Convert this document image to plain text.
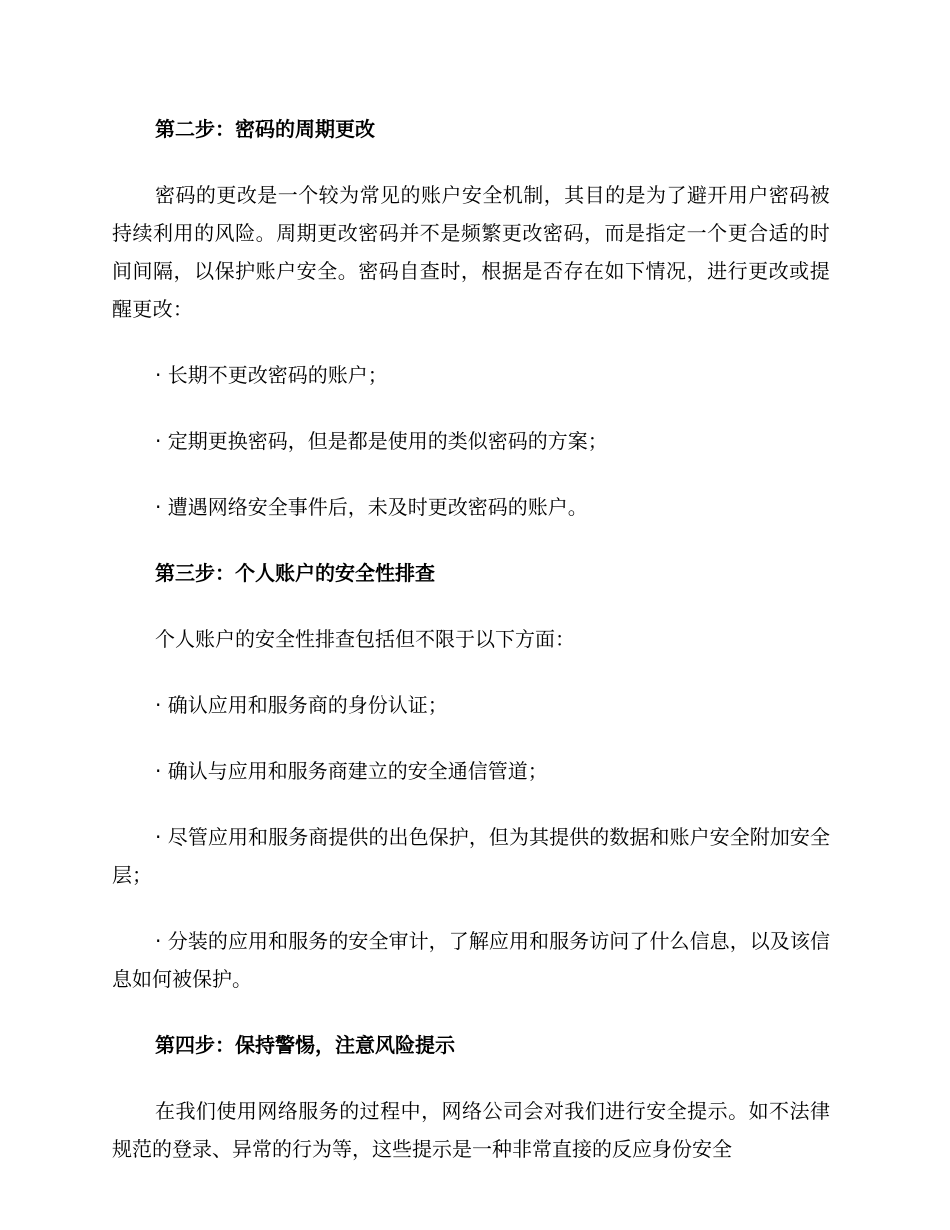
第二步：密码的周期更改

密码的更改是一个较为常见的账户安全机制，其目的是为了避开用户密码被持续利用的风险。周期更改密码并不是频繁更改密码，而是指定一个更合适的时间间隔，以保护账户安全。密码自查时，根据是否存在如下情况，进行更改或提醒更改：

· 长期不更改密码的账户；

· 定期更换密码，但是都是使用的类似密码的方案；

· 遭遇网络安全事件后，未及时更改密码的账户。

第三步：个人账户的安全性排查

个人账户的安全性排查包括但不限于以下方面：

· 确认应用和服务商的身份认证；

· 确认与应用和服务商建立的安全通信管道；

· 尽管应用和服务商提供的出色保护，但为其提供的数据和账户安全附加安全层；

· 分装的应用和服务的安全审计，了解应用和服务访问了什么信息，以及该信息如何被保护。

第四步：保持警惕，注意风险提示

在我们使用网络服务的过程中，网络公司会对我们进行安全提示。如不法律规范的登录、异常的行为等，这些提示是一种非常直接的反应身份安全
